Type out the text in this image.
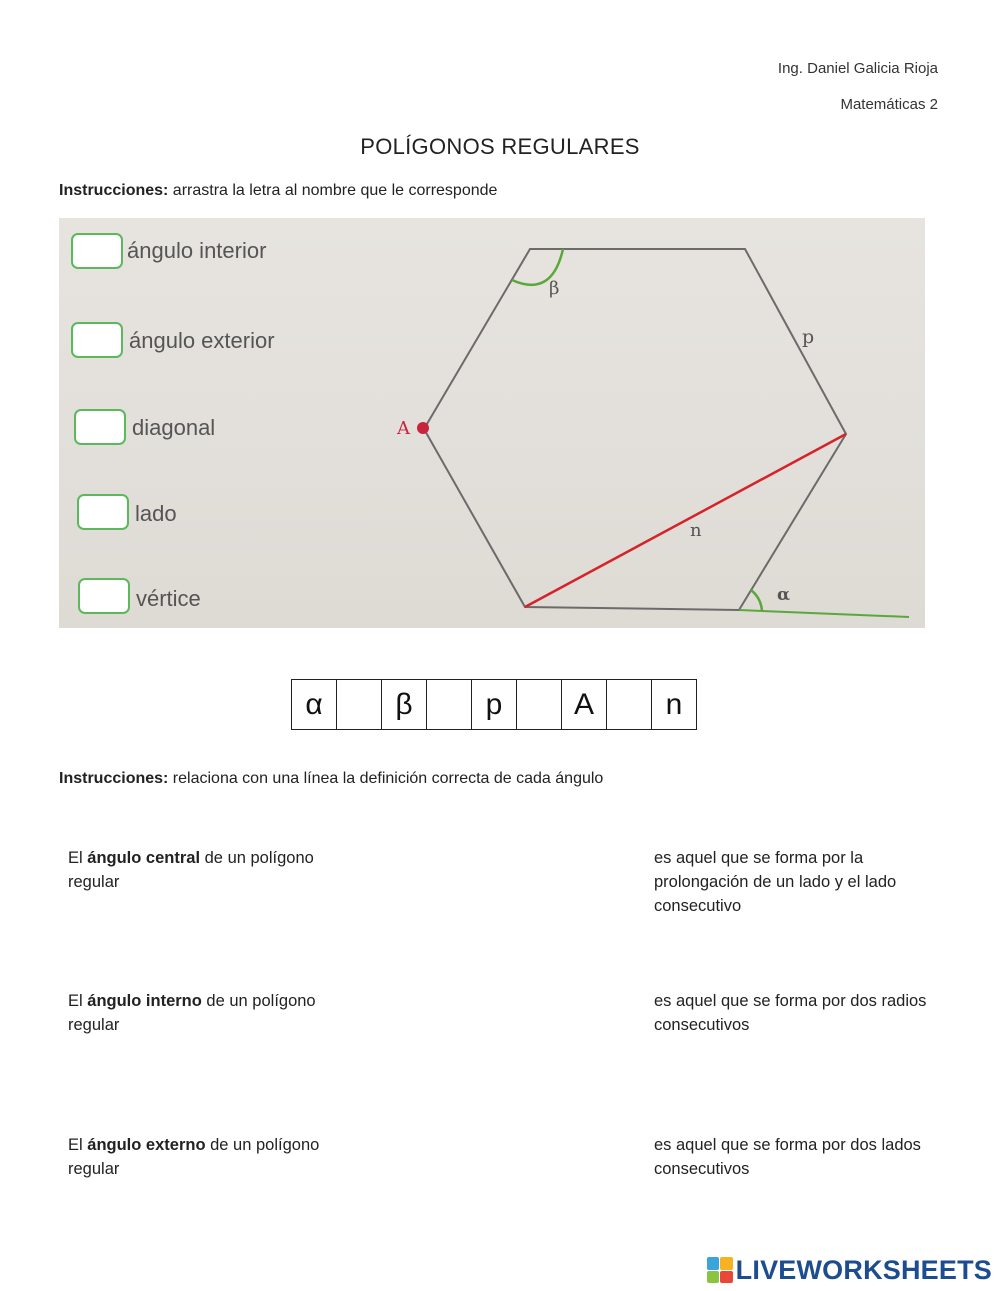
Ing. Daniel Galicia Rioja
Matemáticas 2
POLÍGONOS REGULARES
Instrucciones: arrastra la letra al nombre que le corresponde
ángulo interior
ángulo exterior
diagonal
lado
vértice
β
p
A
n
α
α		β		p		A		n
Instrucciones: relaciona con una línea la definición correcta de cada ángulo
El ángulo central de un polígono regular
El ángulo interno de un polígono regular
El ángulo externo de un polígono regular
es aquel que se forma por la prolongación de un lado y el lado consecutivo
es aquel que se forma por dos radios consecutivos
es aquel que se forma por dos lados consecutivos
LIVEWORKSHEETS
